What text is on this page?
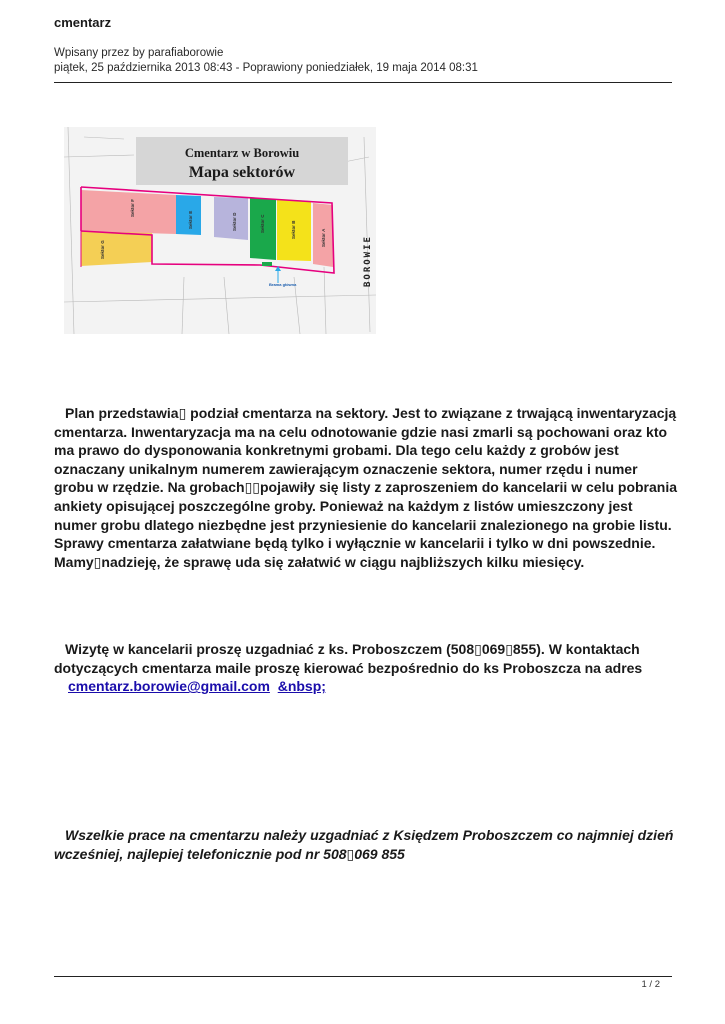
cmentarz
Wpisany przez by parafiaborowie
piątek, 25 października 2013 08:43 - Poprawiony poniedziałek, 19 maja 2014 08:31
Cmentarz w Borowiu
Mapa sektorów
Sektor F
Sektor E	Sektor D	Sektor C	Sektor B	Sektor A
Sektor G
Brama główna	BOROWIE

Plan przedstawia▯ podział cmentarza na sektory. Jest to związane z trwającą inwentaryzacją cmentarza. Inwentaryzacja ma na celu odnotowanie gdzie nasi zmarli są pochowani oraz kto ma prawo do dysponowania konkretnymi grobami. Dla tego celu każdy z grobów jest oznaczany unikalnym numerem zawierającym oznaczenie sektora, numer rzędu i numer grobu w rzędzie. Na grobach▯▯pojawiły się listy z zaproszeniem do kancelarii w celu pobrania ankiety opisującej poszczególne groby. Ponieważ na każdym z listów umieszczony jest numer grobu dlatego niezbędne jest przyniesienie do kancelarii znalezionego na grobie listu. Sprawy cmentarza załatwiane będą tylko i wyłącznie w kancelarii i tylko w dni powszednie. Mamy▯nadzieję, że sprawę uda się załatwić w ciągu najbliższych kilku miesięcy.

Wizytę w kancelarii proszę uzgadniać z ks. Proboszczem (508▯069▯855). W kontaktach dotyczących cmentarza maile proszę kierować bezpośrednio do ks Proboszcza na adres
cmentarz.borowie@gmail.com &nbsp;

Wszelkie prace na cmentarzu należy uzgadniać z Księdzem Proboszczem co najmniej dzień wcześniej, najlepiej telefonicznie pod nr 508▯069 855

1 / 2
